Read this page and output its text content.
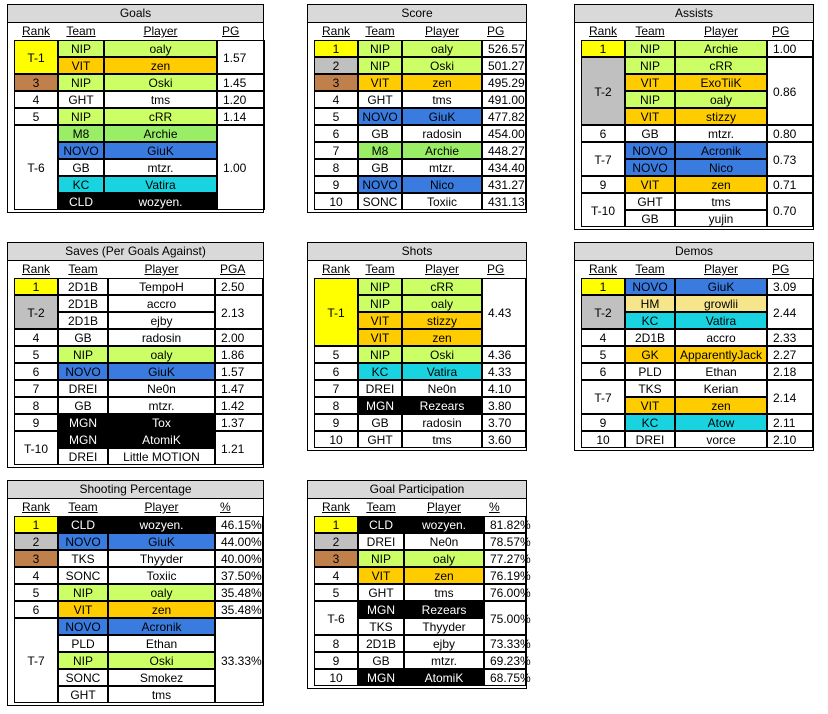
Goals
Rank	Team	Player	PG
T-1
NIP	oaly
VIT	zen
1.57
3	NIP	Oski	1.45
4	GHT	tms	1.20
5	NIP	cRR	1.14
T-6
M8	Archie
NOVO	GiuK
GB	mtzr.
KC	Vatira
CLD	wozyen.
1.00
Score
Rank	Team	Player	PG
1	NIP	oaly	526.57
2	NIP	Oski	501.27
3	VIT	zen	495.29
4	GHT	tms	491.00
5	NOVO	GiuK	477.82
6	GB	radosin	454.00
7	M8	Archie	448.27
8	GB	mtzr.	434.40
9	NOVO	Nico	431.27
10	SONC	Toxiic	431.13
Assists
Rank	Team	Player	PG
1	NIP	Archie	1.00
T-2
NIP	cRR
VIT	ExoTiiK
NIP	oaly
VIT	stizzy
0.86
6	GB	mtzr.	0.80
T-7
NOVO	Acronik
NOVO	Nico
0.73
9	VIT	zen	0.71
T-10
GHT	tms
GB	yujin
0.70
Saves (Per Goals Against)
Rank	Team	Player	PGA
1	2D1B	TempoH	2.50
T-2
2D1B	accro
2D1B	ejby
2.13
4	GB	radosin	2.00
5	NIP	oaly	1.86
6	NOVO	GiuK	1.57
7	DREI	Ne0n	1.47
8	GB	mtzr.	1.42
9	MGN	Tox	1.37
T-10
MGN	AtomiK
DREI	Little MOTION
1.21
Shots
Rank	Team	Player	PG
T-1
NIP	cRR
NIP	oaly
VIT	stizzy
VIT	zen
4.43
5	NIP	Oski	4.36
6	KC	Vatira	4.33
7	DREI	Ne0n	4.10
8	MGN	Rezears	3.80
9	GB	radosin	3.70
10	GHT	tms	3.60
Demos
Rank	Team	Player	PG
1	NOVO	GiuK	3.09
T-2
HM	growlii
KC	Vatira
2.44
4	2D1B	accro	2.33
5	GK	ApparentlyJack 2.27
6	PLD	Ethan	2.18
T-7
TKS	Kerian
VIT	zen
2.14
9	KC	Atow	2.11
10	DREI	vorce	2.10
Shooting Percentage
Rank	Team	Player	%
1	CLD	wozyen.	46.15%
2	NOVO	GiuK	44.00%
3	TKS	Thyyder	40.00%
4	SONC	Toxiic	37.50%
5	NIP	oaly	35.48%
6	VIT	zen	35.48%
T-7
NOVO	Acronik
PLD	Ethan
NIP	Oski
SONC	Smokez
GHT	tms
33.33%
Goal Participation
Rank	Team	Player	%
1	CLD	wozyen.	81.82%
2	DREI	Ne0n	78.57%
3	NIP	oaly	77.27%
4	VIT	zen	76.19%
5	GHT	tms	76.00%
T-6
MGN	Rezears
TKS	Thyyder
75.00%
8	2D1B	ejby	73.33%
9	GB	mtzr.	69.23%
10	MGN	AtomiK	68.75%
